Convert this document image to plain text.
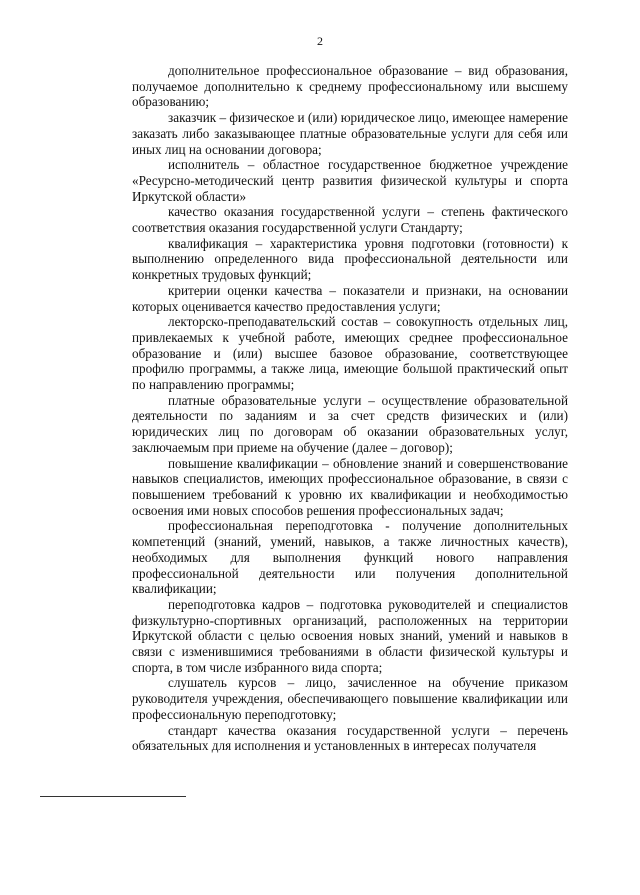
2

дополнительное профессиональное образование – вид образования, получаемое дополнительно к среднему профессиональному или высшему образованию;

заказчик – физическое и (или) юридическое лицо, имеющее намерение заказать либо заказывающее платные образовательные услуги для себя или иных лиц на основании договора;

исполнитель – областное государственное бюджетное учреждение «Ресурсно-методический центр развития физической культуры и спорта Иркутской области»

качество оказания государственной услуги – степень фактического соответствия оказания государственной услуги Стандарту;

квалификация – характеристика уровня подготовки (готовности) к выполнению определенного вида профессиональной деятельности или конкретных трудовых функций;

критерии оценки качества – показатели и признаки, на основании которых оценивается качество предоставления услуги;

лекторско-преподавательский состав – совокупность отдельных лиц, привлекаемых к учебной работе, имеющих среднее профессиональное образование и (или) высшее базовое образование, соответствующее профилю программы, а также лица, имеющие большой практический опыт по направлению программы;

платные образовательные услуги – осуществление образовательной деятельности по заданиям и за счет средств физических и (или) юридических лиц по договорам об оказании образовательных услуг, заключаемым при приеме на обучение (далее – договор);

повышение квалификации – обновление знаний и совершенствование навыков специалистов, имеющих профессиональное образование, в связи с повышением требований к уровню их квалификации и необходимостью освоения ими новых способов решения профессиональных задач;

профессиональная переподготовка - получение дополнительных компетенций (знаний, умений, навыков, а также личностных качеств), необходимых для выполнения функций нового направления профессиональной деятельности или получения дополнительной квалификации;

переподготовка кадров – подготовка руководителей и специалистов физкультурно-спортивных организаций, расположенных на территории Иркутской области с целью освоения новых знаний, умений и навыков в связи с изменившимися требованиями в области физической культуры и спорта, в том числе избранного вида спорта;

слушатель курсов – лицо, зачисленное на обучение приказом руководителя учреждения, обеспечивающего повышение квалификации или профессиональную переподготовку;

стандарт качества оказания государственной услуги – перечень обязательных для исполнения и установленных в интересах получателя
